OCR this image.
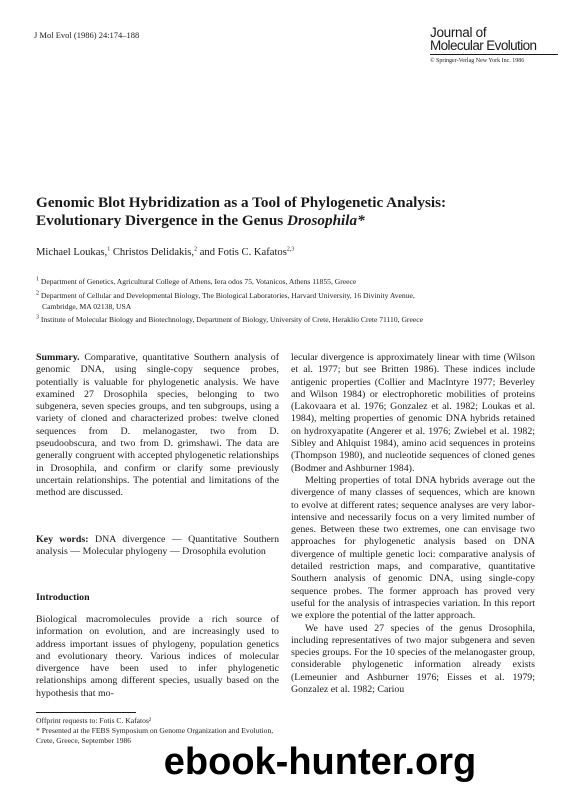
J Mol Evol (1986) 24:174–188	Journal of
Molecular Evolution
© Springer-Verlag New York Inc. 1986
Genomic Blot Hybridization as a Tool of Phylogenetic Analysis:
Evolutionary Divergence in the Genus Drosophila*
Michael Loukas,$^1$ Christos Delidakis,$^2$ and Fotis C. Kafatos$^{2,3}$
$^1$ Department of Genetics, Agricultural College of Athens, Iera odos 75, Votanicos, Athens 11855, Greece
$^2$ Department of Cellular and Developmental Biology, The Biological Laboratories, Harvard University, 16 Divinity Avenue,
Cambridge, MA 02138, USA
$^3$ Institute of Molecular Biology and Biotechnology, Department of Biology, University of Crete, Heraklio Crete 71110, Greece

Summary. Comparative, quantitative Southern analysis of genomic DNA, using single-copy sequence probes, potentially is valuable for phylogenetic analysis. We have examined 27 Drosophila species, belonging to two subgenera, seven species groups, and ten subgroups, using a variety of cloned and characterized probes: twelve cloned sequences from D. melanogaster, two from D. pseudoobscura, and two from D. grimshawi. The data are generally congruent with accepted phylogenetic relationships in Drosophila, and confirm or clarify some previously uncertain relationships. The potential and limitations of the method are discussed.

Key words: DNA divergence — Quantitative Southern analysis — Molecular phylogeny — Drosophila evolution

Introduction

Biological macromolecules provide a rich source of information on evolution, and are increasingly used to address important issues of phylogeny, population genetics and evolutionary theory. Various indices of molecular divergence have been used to infer phylogenetic relationships among different species, usually based on the hypothesis that mo-

Offprint requests to: Fotis C. Kafatos²
* Presented at the FEBS Symposium on Genome Organization and Evolution, Crete, Greece, September 1986

lecular divergence is approximately linear with time (Wilson et al. 1977; but see Britten 1986). These indices include antigenic properties (Collier and MacIntyre 1977; Beverley and Wilson 1984) or electrophoretic mobilities of proteins (Lakovaara et al. 1976; Gonzalez et al. 1982; Loukas et al. 1984), melting properties of genomic DNA hybrids retained on hydroxyapatite (Angerer et al. 1976; Zwiebel et al. 1982; Sibley and Ahlquist 1984), amino acid sequences in proteins (Thompson 1980), and nucleotide sequences of cloned genes (Bodmer and Ashburner 1984).

Melting properties of total DNA hybrids average out the divergence of many classes of sequences, which are known to evolve at different rates; sequence analyses are very labor-intensive and necessarily focus on a very limited number of genes. Between these two extremes, one can envisage two approaches for phylogenetic analysis based on DNA divergence of multiple genetic loci: comparative analysis of detailed restriction maps, and comparative, quantitative Southern analysis of genomic DNA, using single-copy sequence probes. The former approach has proved very useful for the analysis of intraspecies variation. In this report we explore the potential of the latter approach.

We have used 27 species of the genus Drosophila, including representatives of two major subgenera and seven species groups. For the 10 species of the melanogaster group, considerable phylogenetic information already exists (Lemeunier and Ashburner 1976; Eisses et al. 1979; Gonzalez et al. 1982; Cariou

ebook-hunter.org
